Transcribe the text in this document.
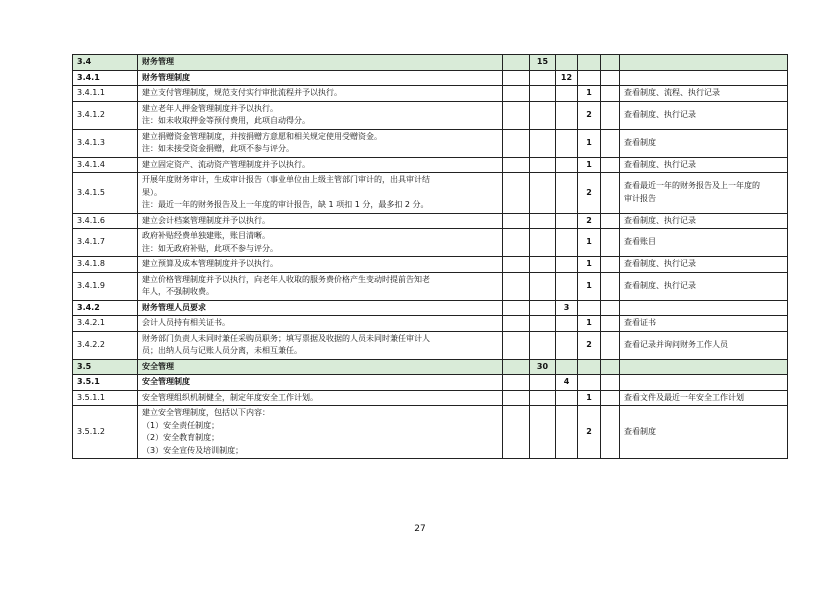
3.4	财务管理		15				
3.4.1	财务管理制度			12			
3.4.1.1	建立支付管理制度，规范支付实行审批流程并予以执行。				1		查看制度、流程、执行记录

3.4.1.2	建立老年人押金管理制度并予以执行。
注：如未收取押金等预付费用，此项自动得分。				2		查看制度、执行记录

3.4.1.3	建立捐赠资金管理制度，并按捐赠方意愿和相关规定使用受赠资金。
注：如未接受资金捐赠，此项不参与评分。				1		查看制度

3.4.1.4	建立固定资产、流动资产管理制度并予以执行。				1		查看制度、执行记录

3.4.1.5	开展年度财务审计，生成审计报告（事业单位由上级主管部门审计的，出具审计结
果）。
注：最近一年的财务报告及上一年度的审计报告，缺 1 项扣 1 分，最多扣 2 分。				2		查看最近一年的财务报告及上一年度的
审计报告

3.4.1.6	建立会计档案管理制度并予以执行。				2		查看制度、执行记录

3.4.1.7	政府补贴经费单独建账，账目清晰。
注：如无政府补贴，此项不参与评分。				1		查看账目

3.4.1.8	建立预算及成本管理制度并予以执行。				1		查看制度、执行记录

3.4.1.9	建立价格管理制度并予以执行，向老年人收取的服务费价格产生变动时提前告知老
年人，不强制收费。				1		查看制度、执行记录

3.4.2	财务管理人员要求			3			
3.4.2.1	会计人员持有相关证书。				1		查看证书

3.4.2.2	财务部门负责人未同时兼任采购员职务；填写票据及收据的人员未同时兼任审计人
员；出纳人员与记账人员分离，未相互兼任。				2		查看记录并询问财务工作人员

3.5	安全管理		30				
3.5.1	安全管理制度			4			
3.5.1.1	安全管理组织机制健全，制定年度安全工作计划。				1		查看文件及最近一年安全工作计划

3.5.1.2	建立安全管理制度，包括以下内容：
（1）安全责任制度；
（2）安全教育制度；
（3）安全宣传及培训制度；				2		查看制度
27
